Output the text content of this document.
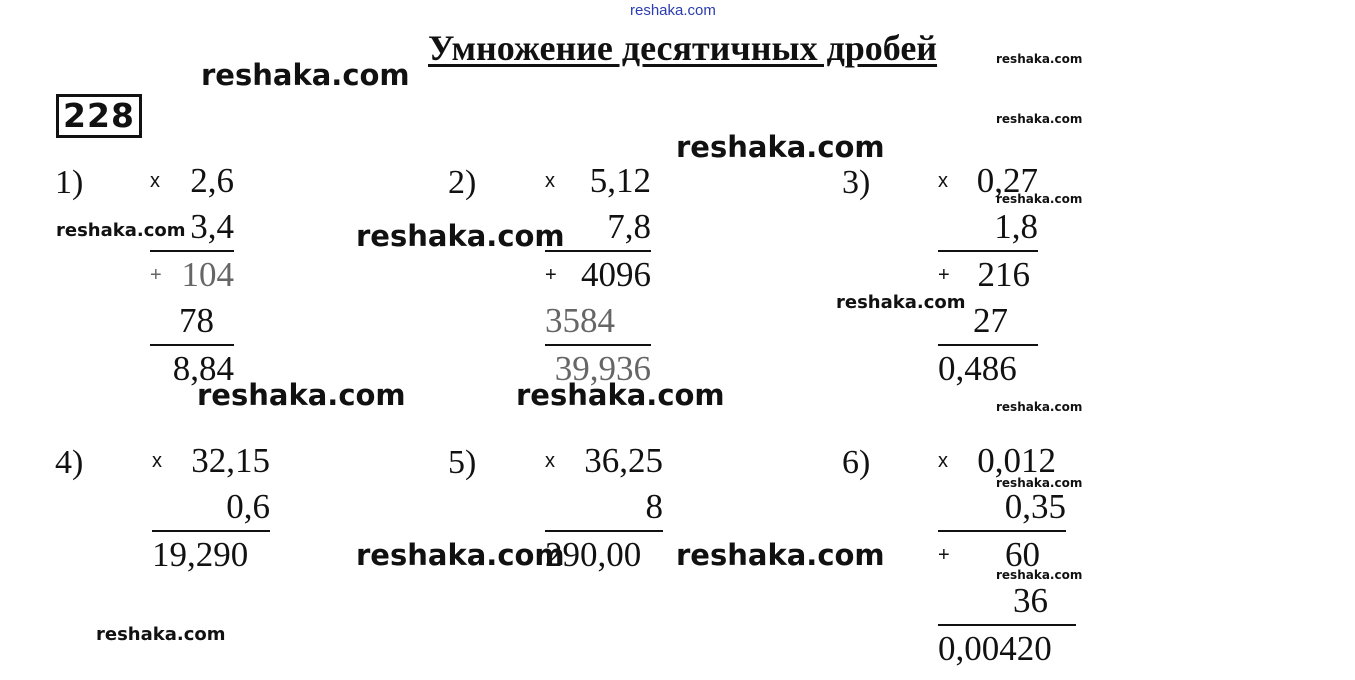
reshaka.com
Умножение десятичных дробей
228
reshaka.com
reshaka.com
reshaka.com
reshaka.com	reshaka.com
reshaka.com	reshaka.com
reshaka.com
reshaka.com
reshaka.com
reshaka.com
reshaka.com
reshaka.com
reshaka.com
reshaka.com
reshaka.com
1)	2)	3)
4)	5)	6)
x 2,6
3,4
+ 104
78
8,84
x 5,12
7,8
+ 4096
3584
39,936
x 0,27
1,8
+ 216
27
0,486
x 32,15
0,6
19,290
x 36,25
8
290,00
x 0,012
0,35
+ 60
36
0,00420
